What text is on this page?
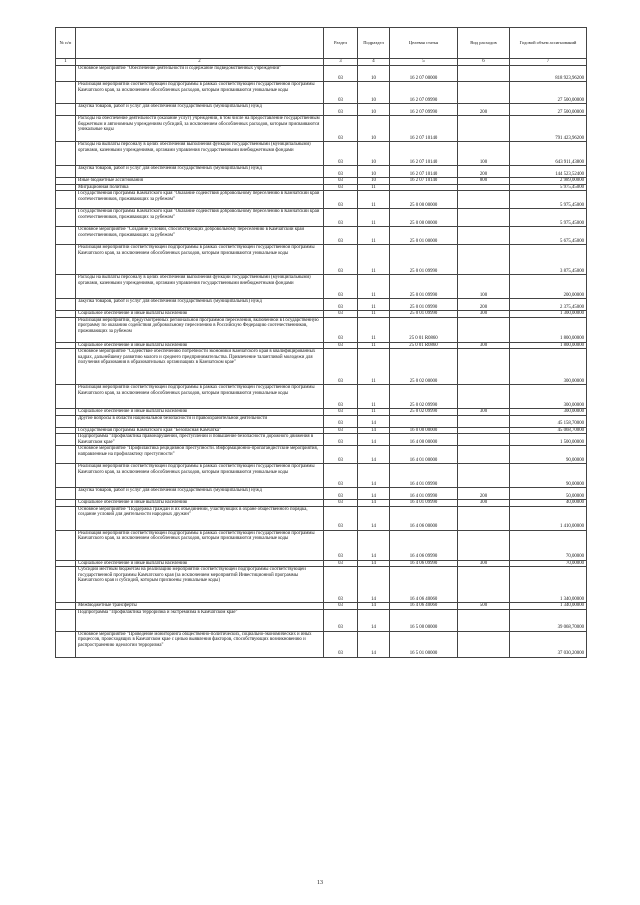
№ п/п		Раздел	Подраздел	Целевая статья	Вид расходов	Годовой объем ассигнований
1	2	3	4	5	6	7
	Основное мероприятие "Обеспечение деятельности и содержание подведомственных учреждений"	03	10	16 2 07 00000		818 923,96200
	Реализация мероприятий соответствующей подпрограммы в рамках соответствующей государственной программы Камчатского края, за исключением обособленных расходов, которым присваиваются уникальные коды	03	10	16 2 07 09990		27 500,00000
	Закупка товаров, работ и услуг для обеспечения государственных (муниципальных) нужд	03	10	16 2 07 09990	200	27 500,00000
	Расходы на обеспечение деятельности (оказание услуг) учреждений, в том числе на предоставление государственным бюджетным и автономным учреждениям субсидий, за исключением обособленных расходов, которым присваиваются уникальные коды	03	10	16 2 07 10140		791 423,96200
	Расходы на выплаты персоналу в целях обеспечения выполнения функций государственными (муниципальными) органами, казенными учреждениями, органами управления государственными внебюджетными фондами	03	10	16 2 07 10140	100	643 911,43800
	Закупка товаров, работ и услуг для обеспечения государственных (муниципальных) нужд	03	10	16 2 07 10140	200	144 523,52400
	Иные бюджетные ассигнования	03	10	16 2 07 10140	800	2 989,00000
	Миграционная политика	03	11			5 975,45000
	Государственная программа Камчатского края "Оказание содействия добровольному переселению в Камчатский край соотечественников, проживающих за рубежом"	03	11	25 0 00 00000		5 975,45000
	Государственная программа Камчатского края "Оказание содействия добровольному переселению в Камчатский край соотечественников, проживающих за рубежом"	03	11	25 0 00 00000		5 975,45000
	Основное мероприятие "Создание условий, способствующих добровольному переселению в Камчатский край соотечественников, проживающих за рубежом"	03	11	25 0 01 00000		5 675,45000
	Реализация мероприятий соответствующей подпрограммы в рамках соответствующей государственной программы Камчатского края, за исключением обособленных расходов, которым присваиваются уникальные коды	03	11	25 0 01 09990		3 875,45000
	Расходы на выплаты персоналу в целях обеспечения выполнения функций государственными (муниципальными) органами, казенными учреждениями, органами управления государственными внебюджетными фондами	03	11	25 0 01 09990	100	200,00000
	Закупка товаров, работ и услуг для обеспечения государственных (муниципальных) нужд	03	11	25 0 01 09990	200	2 375,45000
	Социальное обеспечение и иные выплаты населению	03	11	25 0 01 09990	300	1 300,00000
	Реализация мероприятий, предусмотренных региональной программой переселения, включенной в Государственную программу по оказанию содействия добровольному переселению в Российскую Федерацию соотечественников, проживающих за рубежом	03	11	25 0 01 R0860		1 800,00000
	Социальное обеспечение и иные выплаты населению	03	11	25 0 01 R0860	300	1 800,00000
	Основное мероприятие "Содействие обеспечению потребности экономики Камчатского края в квалифицированных кадрах, дальнейшему развитию малого и среднего предпринимательства. Привлечение талантливой молодежи для получения образования в образовательных организациях в Камчатском крае"	03	11	25 0 02 00000		300,00000
	Реализация мероприятий соответствующей подпрограммы в рамках соответствующей государственной программы Камчатского края, за исключением обособленных расходов, которым присваиваются уникальные коды	03	11	25 0 02 09990		300,00000
	Социальное обеспечение и иные выплаты населению	03	11	25 0 02 09990	300	300,00000
	Другие вопросы в области национальной безопасности и правоохранительной деятельности	03	14			45 158,70000
	Государственная программа Камчатского края "Безопасная Камчатка"	03	14	16 0 00 00000		45 068,70000
	Подпрограмма "Профилактика правонарушений, преступлений и повышение безопасности дорожного движения в Камчатском крае"	03	14	16 4 00 00000		1 500,00000
	Основное мероприятие "Профилактика рецидивной преступности. Информационно-пропагандистские мероприятия, направленные на профилактику преступности"	03	14	16 4 01 00000		90,00000
	Реализация мероприятий соответствующей подпрограммы в рамках соответствующей государственной программы Камчатского края, за исключением обособленных расходов, которым присваиваются уникальные коды	03	14	16 4 01 09990		90,00000
	Закупка товаров, работ и услуг для обеспечения государственных (муниципальных) нужд	03	14	16 4 01 09990	200	50,00000
	Социальное обеспечение и иные выплаты населению	03	14	16 4 01 09990	300	40,00000
	Основное мероприятие "Поддержка граждан и их объединений, участвующих в охране общественного порядка, создание условий для деятельности народных дружин"	03	14	16 4 06 00000		1 410,00000
	Реализация мероприятий соответствующей подпрограммы в рамках соответствующей государственной программы Камчатского края, за исключением обособленных расходов, которым присваиваются уникальные коды	03	14	16 4 06 09990		70,00000
	Социальное обеспечение и иные выплаты населению	03	14	16 4 06 09990	300	70,00000
	Субсидии местным бюджетам на реализацию мероприятий соответствующей подпрограммы соответствующей государственной программы Камчатского края (за исключением мероприятий Инвестиционной программы Камчатского края и субсидий, которым присвоены уникальные коды)	03	14	16 4 06 40060		1 340,00000
	Межбюджетные трансферты	03	14	16 4 06 40060	500	1 340,00000
	Подпрограмма "Профилактика терроризма и экстремизма в Камчатском крае"	03	14	16 5 00 00000		39 068,70000
	Основное мероприятие "Проведение мониторинга общественно-политических, социально-экономических и иных процессов, происходящих в Камчатском крае с целью выявления факторов, способствующих возникновению и распространению идеологии терроризма"	03	14	16 5 01 00000		37 030,20000
13
